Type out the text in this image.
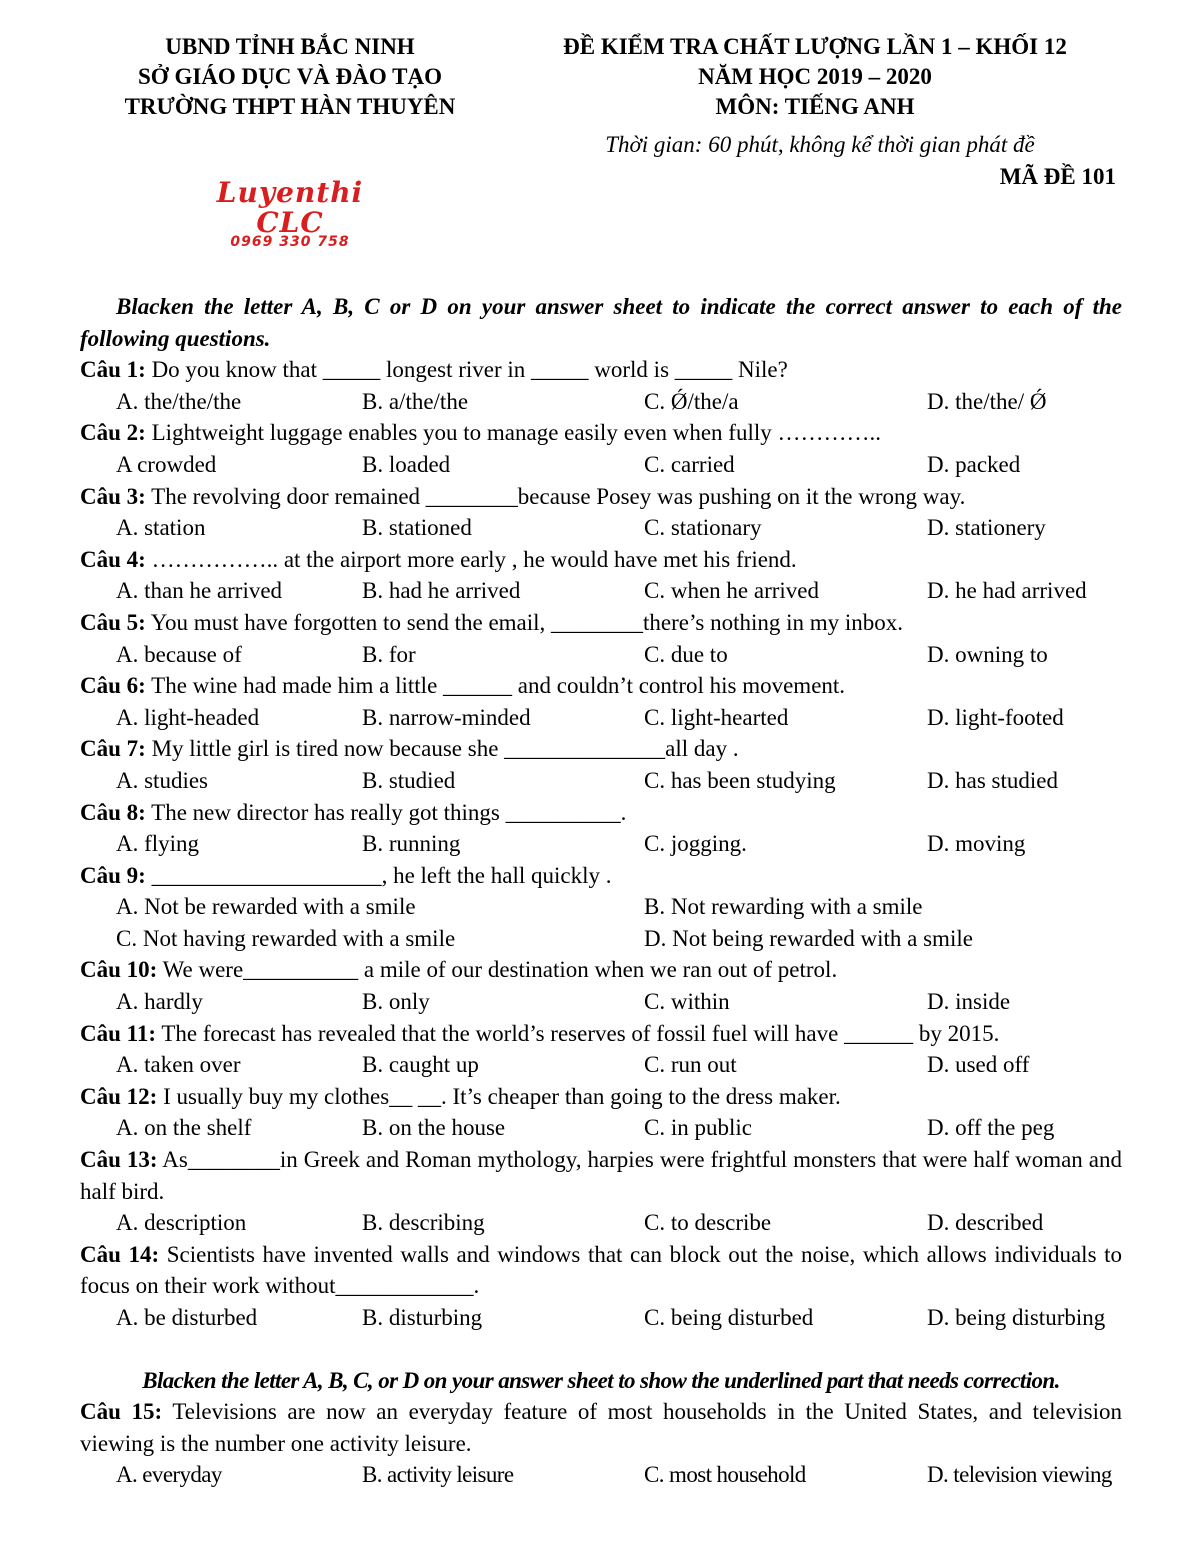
UBND TỈNH BẮC NINH
SỞ GIÁO DỤC VÀ ĐÀO TẠO
TRƯỜNG THPT HÀN THUYÊN
ĐỀ KIỂM TRA CHẤT LƯỢNG LẦN 1 – KHỐI 12
NĂM HỌC 2019 – 2020
MÔN: TIẾNG ANH
Thời gian: 60 phút, không kể thời gian phát đề
MÃ ĐỀ 101
Luyenthi CLC
0969 330 758
Blacken the letter A, B, C or D on your answer sheet to indicate the correct answer to each of the following questions.
Câu 1: Do you know that _____ longest river in _____ world is _____ Nile?
A. the/the/the	B. a/the/the	C. Ǿ/the/a	D. the/the/ Ǿ
Câu 2: Lightweight luggage enables you to manage easily even when fully …………..
A crowded	B. loaded	C. carried	D. packed
Câu 3: The revolving door remained ________because Posey was pushing on it the wrong way.
A. station	B. stationed	C. stationary	D. stationery
Câu 4: …………….. at the airport more early , he would have met his friend.
A. than he arrived	B. had he arrived	C. when he arrived	D. he had arrived
Câu 5: You must have forgotten to send the email, ________there’s nothing in my inbox.
A. because of	B. for	C. due to	D. owning to
Câu 6: The wine had made him a little ______ and couldn’t control his movement.
A. light-headed	B. narrow-minded	C. light-hearted	D. light-footed
Câu 7: My little girl is tired now because she ______________all day .
A. studies	B. studied	C. has been studying	D. has studied
Câu 8: The new director has really got things __________.
A. flying	B. running	C. jogging.	D. moving
Câu 9: ____________________, he left the hall quickly .
A. Not be rewarded with a smile	B. Not rewarding with a smile
C. Not having rewarded with a smile	D. Not being rewarded with a smile
Câu 10: We were__________ a mile of our destination when we ran out of petrol.
A. hardly	B. only	C. within	D. inside
Câu 11: The forecast has revealed that the world’s reserves of fossil fuel will have ______ by 2015.
A. taken over	B. caught up	C. run out	D. used off
Câu 12: I usually buy my clothes__ __. It’s cheaper than going to the dress maker.
A. on the shelf	B. on the house	C. in public	D. off the peg
Câu 13: As________in Greek and Roman mythology, harpies were frightful monsters that were half woman and half bird.
A. description	B. describing	C. to describe	D. described
Câu 14: Scientists have invented walls and windows that can block out the noise, which allows individuals to focus on their work without____________.
A. be disturbed	B. disturbing	C. being disturbed	D. being disturbing
Blacken the letter A, B, C, or D on your answer sheet to show the underlined part that needs correction.
Câu 15: Televisions are now an everyday feature of most households in the United States, and television viewing is the number one activity leisure.
A. everyday	B. activity leisure	C. most household	D. television viewing
